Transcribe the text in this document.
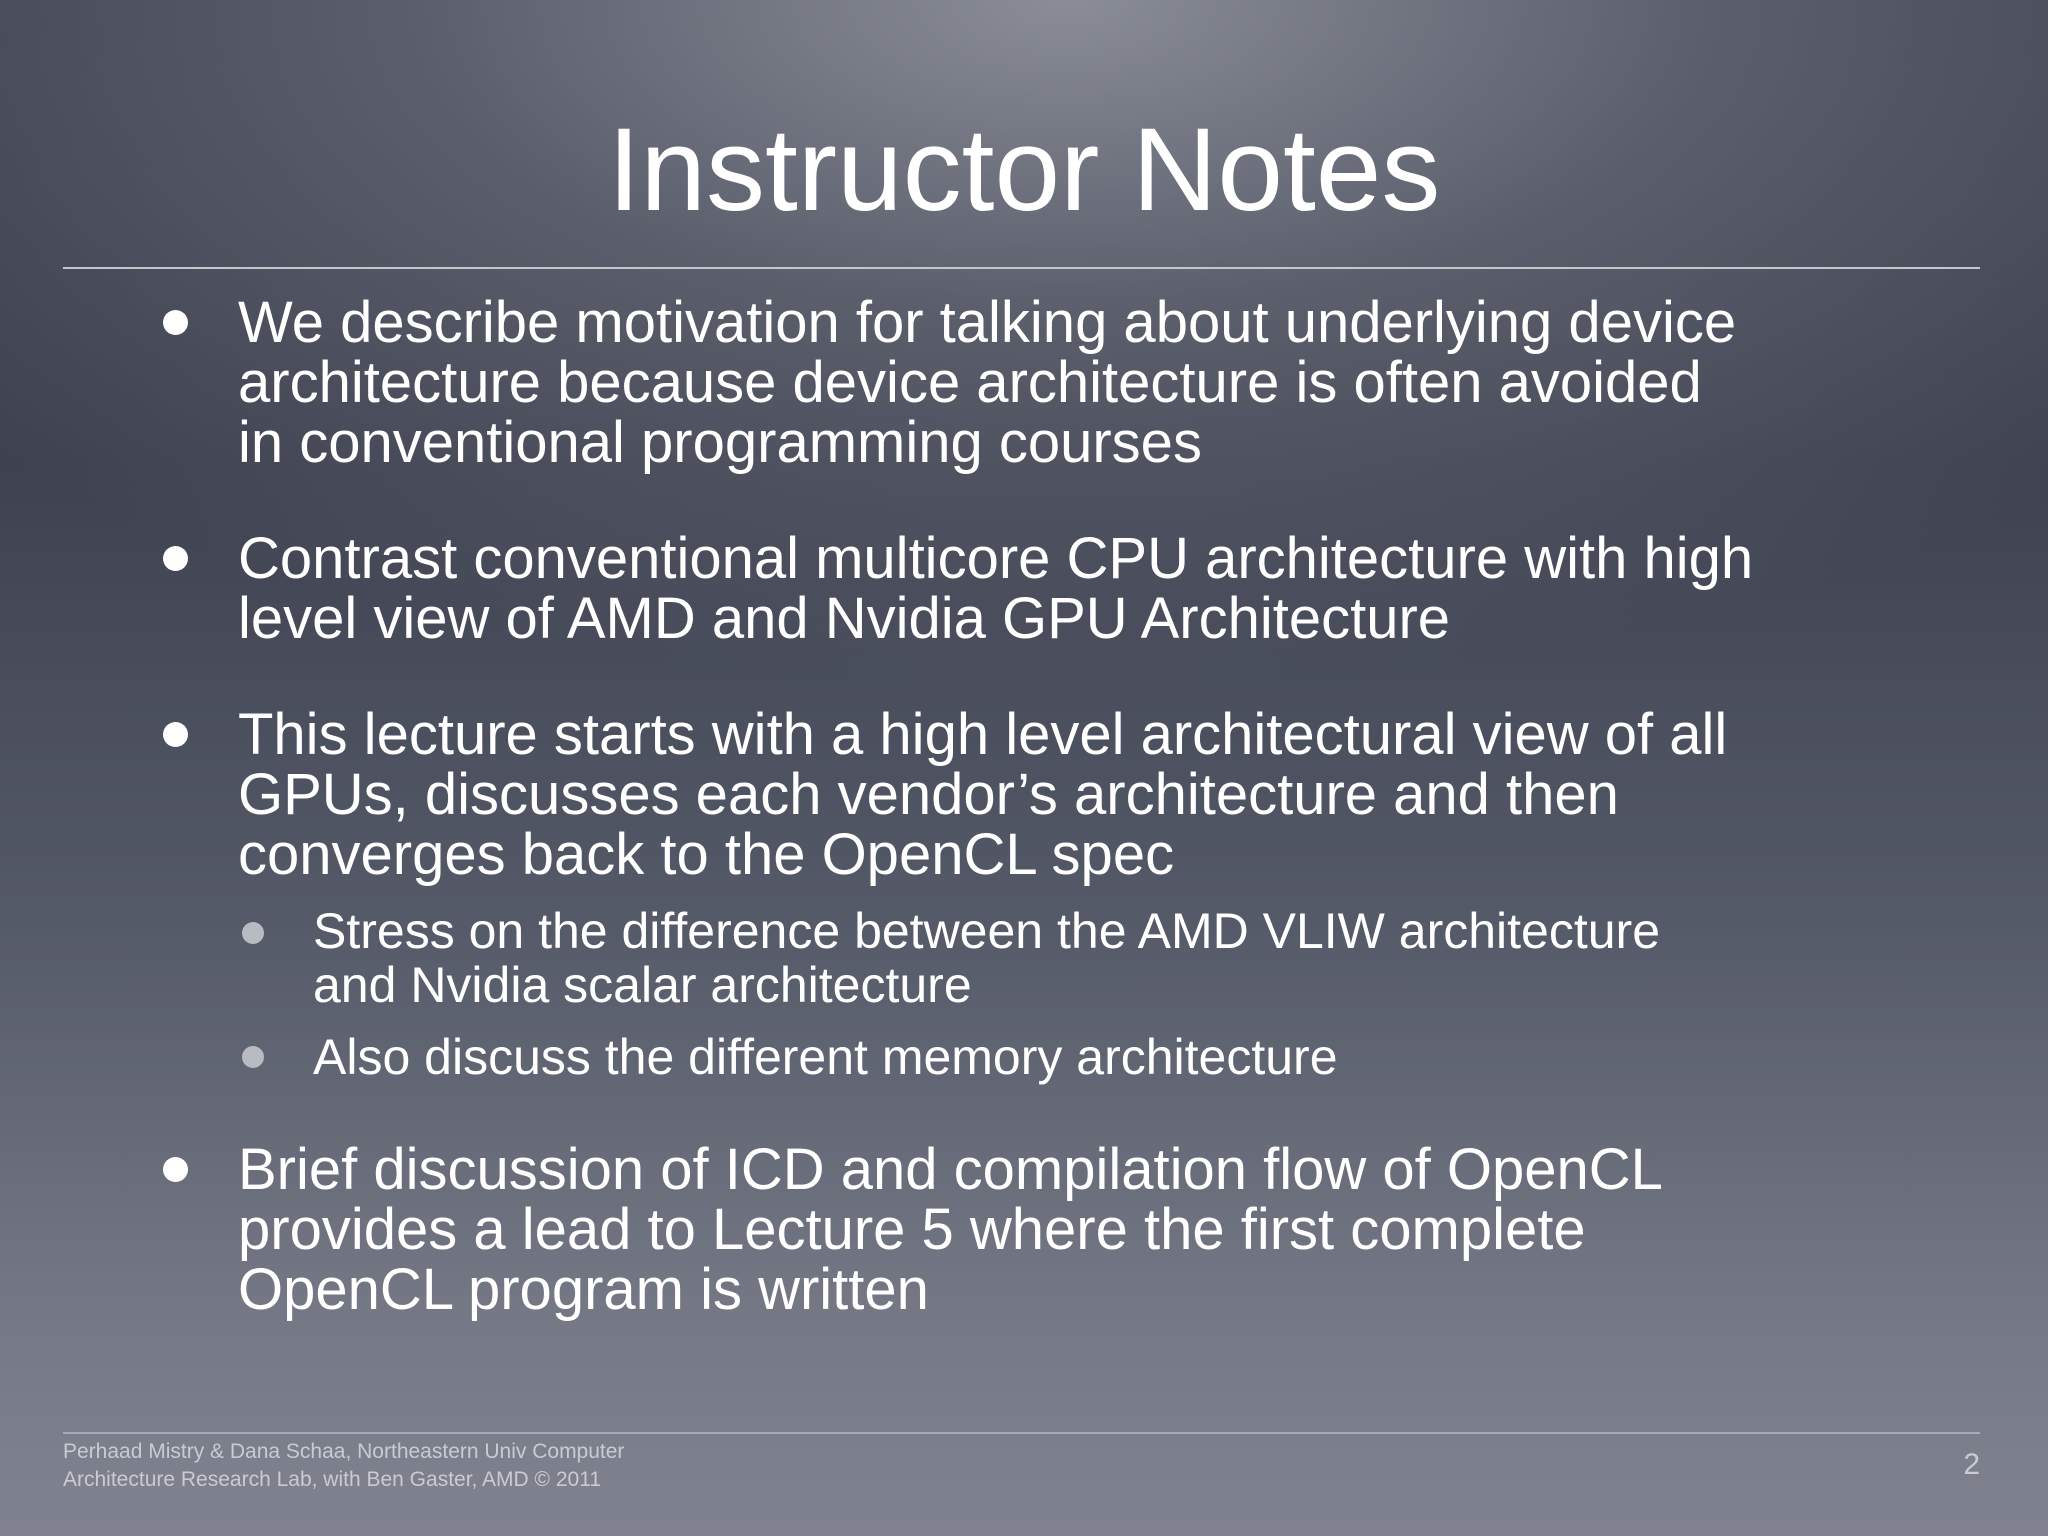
Instructor Notes
We describe motivation for talking about underlying device
architecture because device architecture is often avoided
in conventional programming courses
Contrast conventional multicore CPU architecture with high
level view of AMD and Nvidia GPU Architecture
This lecture starts with a high level architectural view of all
GPUs, discusses each vendor’s architecture and then
converges back to the OpenCL spec
Stress on the difference between the AMD VLIW architecture
and Nvidia scalar architecture
Also discuss the different memory architecture
Brief discussion of ICD and compilation flow of OpenCL
provides a lead to Lecture 5 where the first complete
OpenCL program is written
Perhaad Mistry & Dana Schaa, Northeastern Univ Computer
Architecture Research Lab, with Ben Gaster, AMD © 2011	2
